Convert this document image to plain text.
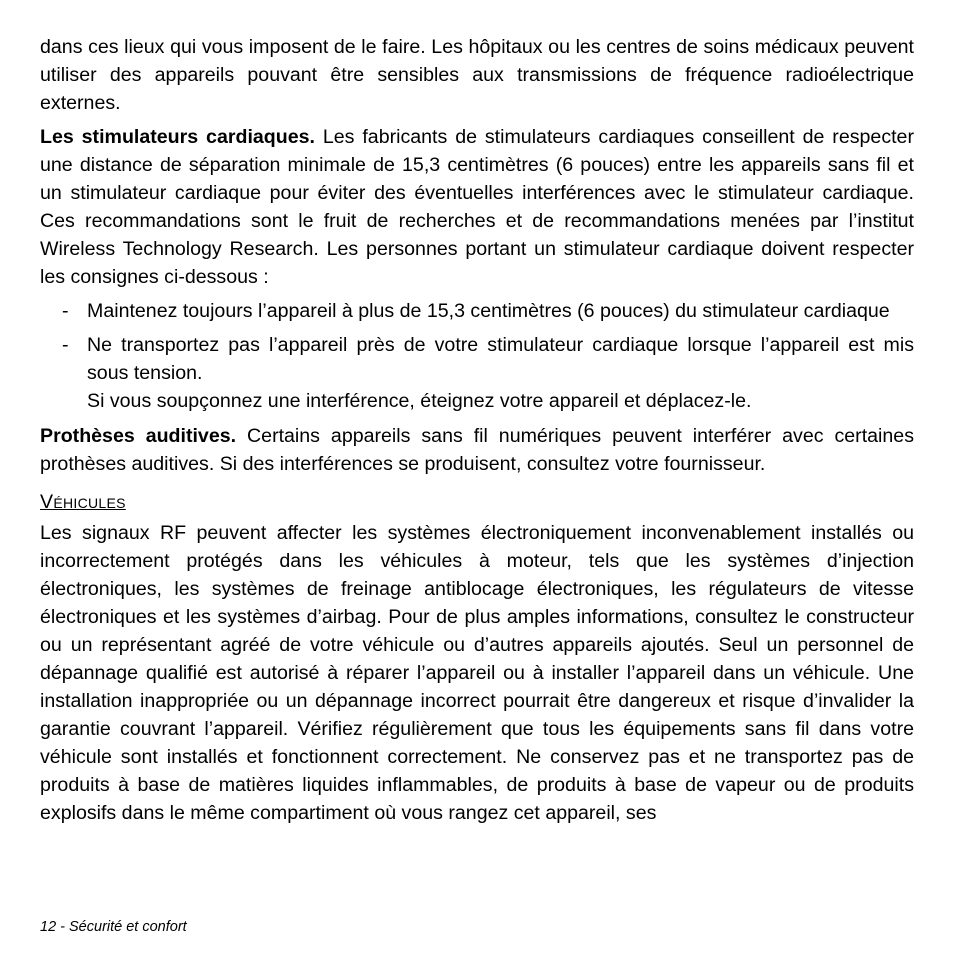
dans ces lieux qui vous imposent de le faire. Les hôpitaux ou les centres de soins médicaux peuvent utiliser des appareils pouvant être sensibles aux transmissions de fréquence radioélectrique externes.

Les stimulateurs cardiaques. Les fabricants de stimulateurs cardiaques conseillent de respecter une distance de séparation minimale de 15,3 centimètres (6 pouces) entre les appareils sans fil et un stimulateur cardiaque pour éviter des éventuelles interférences avec le stimulateur cardiaque. Ces recommandations sont le fruit de recherches et de recommandations menées par l’institut Wireless Technology Research. Les personnes portant un stimulateur cardiaque doivent respecter les consignes ci-dessous :

- Maintenez toujours l’appareil à plus de 15,3 centimètres (6 pouces) du stimulateur cardiaque
- Ne transportez pas l’appareil près de votre stimulateur cardiaque lorsque l’appareil est mis sous tension.
Si vous soupçonnez une interférence, éteignez votre appareil et déplacez-le.

Prothèses auditives. Certains appareils sans fil numériques peuvent interférer avec certaines prothèses auditives. Si des interférences se produisent, consultez votre fournisseur.

Véhicules

Les signaux RF peuvent affecter les systèmes électroniquement inconvenablement installés ou incorrectement protégés dans les véhicules à moteur, tels que les systèmes d’injection électroniques, les systèmes de freinage antiblocage électroniques, les régulateurs de vitesse électroniques et les systèmes d’airbag. Pour de plus amples informations, consultez le constructeur ou un représentant agréé de votre véhicule ou d’autres appareils ajoutés. Seul un personnel de dépannage qualifié est autorisé à réparer l’appareil ou à installer l’appareil dans un véhicule. Une installation inappropriée ou un dépannage incorrect pourrait être dangereux et risque d’invalider la garantie couvrant l’appareil. Vérifiez régulièrement que tous les équipements sans fil dans votre véhicule sont installés et fonctionnent correctement. Ne conservez pas et ne transportez pas de produits à base de matières liquides inflammables, de produits à base de vapeur ou de produits explosifs dans le même compartiment où vous rangez cet appareil, ses

12 - Sécurité et confort
